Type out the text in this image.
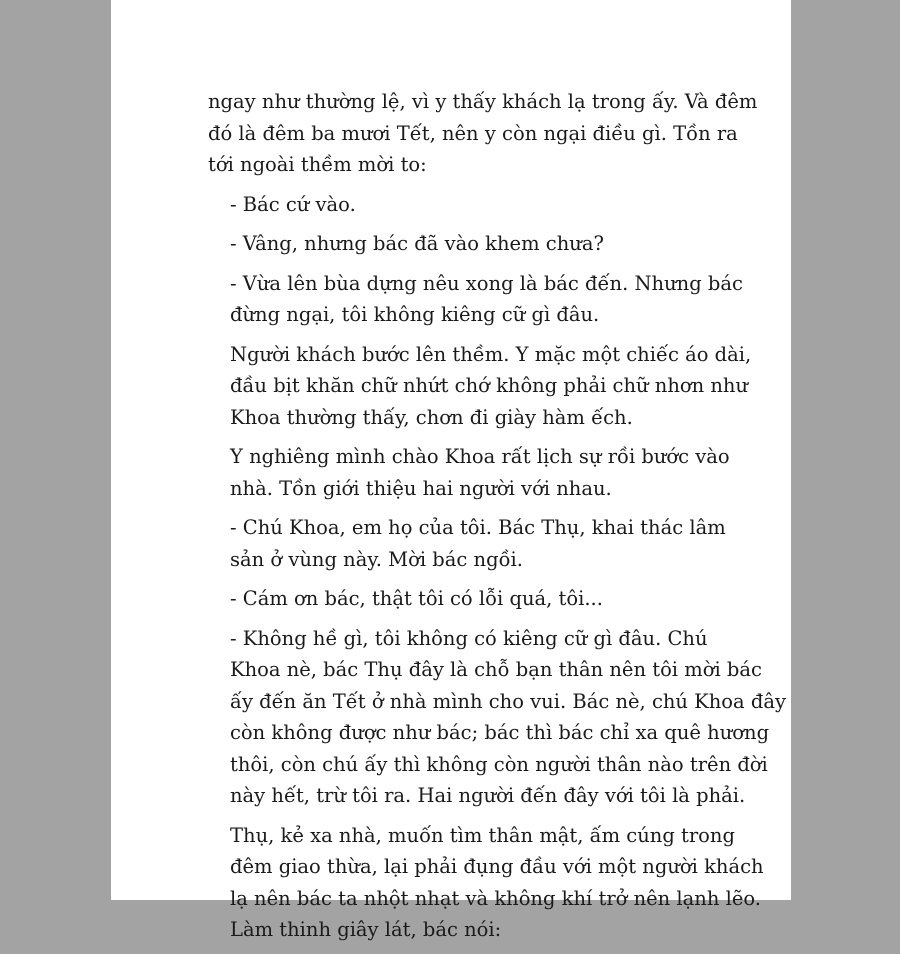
ngay như thường lệ, vì y thấy khách lạ trong ấy. Và đêm
đó là đêm ba mươi Tết, nên y còn ngại điều gì. Tồn ra
tới ngoài thềm mời to:

- Bác cứ vào.

- Vâng, nhưng bác đã vào khem chưa?

- Vừa lên bùa dựng nêu xong là bác đến. Nhưng bác
đừng ngại, tôi không kiêng cữ gì đâu.

Người khách bước lên thềm. Y mặc một chiếc áo dài,
đầu bịt khăn chữ nhứt chớ không phải chữ nhơn như
Khoa thường thấy, chơn đi giày hàm ếch.

Y nghiêng mình chào Khoa rất lịch sự rồi bước vào
nhà. Tồn giới thiệu hai người với nhau.

- Chú Khoa, em họ của tôi. Bác Thụ, khai thác lâm
sản ở vùng này. Mời bác ngồi.

- Cám ơn bác, thật tôi có lỗi quá, tôi...

- Không hề gì, tôi không có kiêng cữ gì đâu. Chú
Khoa nè, bác Thụ đây là chỗ bạn thân nên tôi mời bác
ấy đến ăn Tết ở nhà mình cho vui. Bác nè, chú Khoa đây
còn không được như bác; bác thì bác chỉ xa quê hương
thôi, còn chú ấy thì không còn người thân nào trên đời
này hết, trừ tôi ra. Hai người đến đây với tôi là phải.

Thụ, kẻ xa nhà, muốn tìm thân mật, ấm cúng trong
đêm giao thừa, lại phải đụng đầu với một người khách
lạ nên bác ta nhột nhạt và không khí trở nên lạnh lẽo.
Làm thinh giây lát, bác nói:
